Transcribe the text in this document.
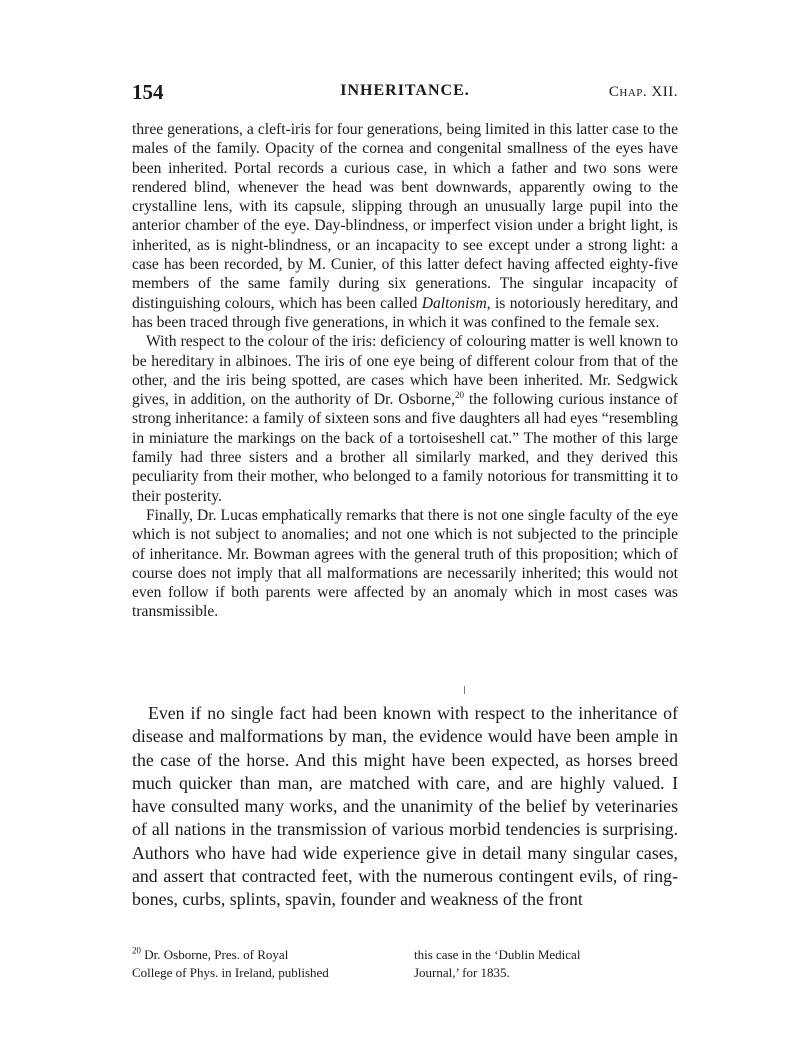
154	INHERITANCE.	Chap. XII.

three generations, a cleft-iris for four generations, being limited in this latter case to the males of the family. Opacity of the cornea and congenital smallness of the eyes have been inherited. Portal records a curious case, in which a father and two sons were rendered blind, whenever the head was bent downwards, apparently owing to the crystalline lens, with its capsule, slipping through an unusually large pupil into the anterior chamber of the eye. Day-blindness, or imperfect vision under a bright light, is inherited, as is night-blindness, or an incapacity to see except under a strong light: a case has been recorded, by M. Cunier, of this latter defect having affected eighty-five members of the same family during six generations. The singular incapacity of distinguishing colours, which has been called Daltonism, is notoriously hereditary, and has been traced through five generations, in which it was confined to the female sex.

With respect to the colour of the iris: deficiency of colouring matter is well known to be hereditary in albinoes. The iris of one eye being of different colour from that of the other, and the iris being spotted, are cases which have been inherited. Mr. Sedgwick gives, in addition, on the authority of Dr. Osborne,$^{20}$ the following curious instance of strong inheritance: a family of sixteen sons and five daughters all had eyes “resembling in miniature the markings on the back of a tortoiseshell cat.” The mother of this large family had three sisters and a brother all similarly marked, and they derived this peculiarity from their mother, who belonged to a family notorious for transmitting it to their posterity.

Finally, Dr. Lucas emphatically remarks that there is not one single faculty of the eye which is not subject to anomalies; and not one which is not subjected to the principle of inheritance. Mr. Bowman agrees with the general truth of this proposition; which of course does not imply that all malformations are necessarily inherited; this would not even follow if both parents were affected by an anomaly which in most cases was transmissible.

Even if no single fact had been known with respect to the inheritance of disease and malformations by man, the evidence would have been ample in the case of the horse. And this might have been expected, as horses breed much quicker than man, are matched with care, and are highly valued. I have consulted many works, and the unanimity of the belief by veterinaries of all nations in the transmission of various morbid tendencies is surprising. Authors who have had wide experience give in detail many singular cases, and assert that contracted feet, with the numerous contingent evils, of ring-bones, curbs, splints, spavin, founder and weakness of the front

$^{20}$ Dr. Osborne, Pres. of Royal
College of Phys. in Ireland, published
this case in the ‘Dublin Medical
Journal,’ for 1835.
